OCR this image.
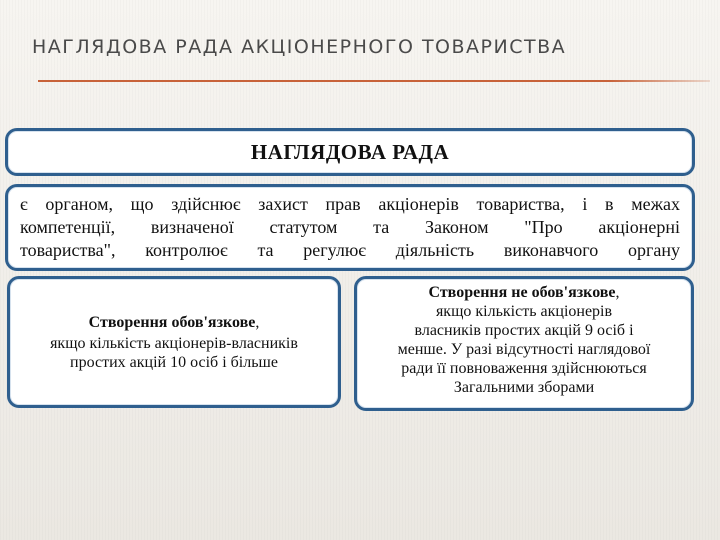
НАГЛЯДОВА РАДА АКЦІОНЕРНОГО ТОВАРИСТВА
НАГЛЯДОВА РАДА
є органом, що здійснює захист прав акціонерів товариства, і в межах
компетенції, визначеної статутом та Законом "Про акціонерні
товариства", контролює та регулює діяльність виконавчого органу
Створення обов'язкове,
якщо кількість акціонерів-власників
простих акцій 10 осіб і більше
Створення не обов'язкове,
якщо кількість акціонерів
власників простих акцій 9 осіб і
менше. У разі відсутності наглядової
ради її повноваження здійснюються
Загальними зборами
